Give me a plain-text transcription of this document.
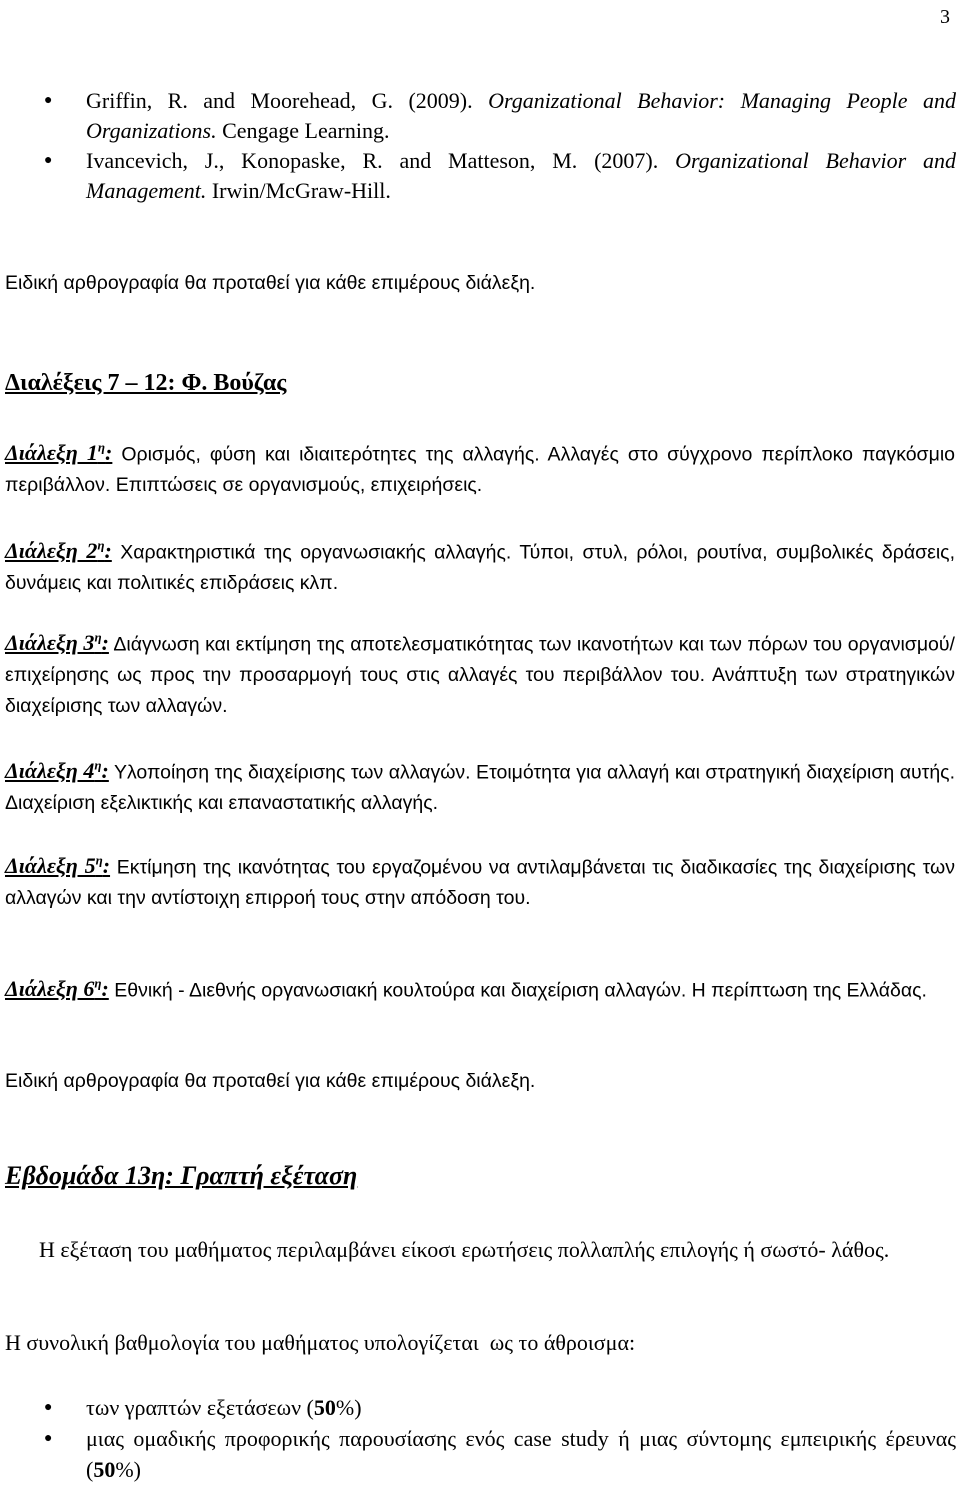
3
● Griffin, R. and Moorehead, G. (2009). Organizational Behavior: Managing People and Organizations. Cengage Learning.
● Ivancevich, J., Konopaske, R. and Matteson, M. (2007). Organizational Behavior and Management. Irwin/McGraw-Hill.

Ειδική αρθρογραφία θα προταθεί για κάθε επιμέρους διάλεξη.

Διαλέξεις 7 – 12: Φ. Βούζας

Διάλεξη $1^\eta$: Ορισμός, φύση και ιδιαιτερότητες της αλλαγής. Αλλαγές στο σύγχρονο περίπλοκο παγκόσμιο περιβάλλον. Επιπτώσεις σε οργανισμούς, επιχειρήσεις.

Διάλεξη $2^\eta$: Χαρακτηριστικά της οργανωσιακής αλλαγής. Τύποι, στυλ, ρόλοι, ρουτίνα, συμβολικές δράσεις, δυνάμεις και πολιτικές επιδράσεις κλπ.

Διάλεξη $3^\eta$: Διάγνωση και εκτίμηση της αποτελεσματικότητας των ικανοτήτων και των πόρων του οργανισμού/επιχείρησης ως προς την προσαρμογή τους στις αλλαγές του περιβάλλον του. Ανάπτυξη των στρατηγικών διαχείρισης των αλλαγών.

Διάλεξη $4^\eta$: Υλοποίηση της διαχείρισης των αλλαγών. Ετοιμότητα για αλλαγή και στρατηγική διαχείριση αυτής. Διαχείριση εξελικτικής και επαναστατικής αλλαγής.

Διάλεξη $5^\eta$: Εκτίμηση της ικανότητας του εργαζομένου να αντιλαμβάνεται τις διαδικασίες της διαχείρισης των αλλαγών και την αντίστοιχη επιρροή τους στην απόδοση του.

Διάλεξη $6^\eta$: Εθνική - Διεθνής οργανωσιακή κουλτούρα και διαχείριση αλλαγών. Η περίπτωση της Ελλάδας.

Ειδική αρθρογραφία θα προταθεί για κάθε επιμέρους διάλεξη.

Εβδομάδα 13η: Γραπτή εξέταση

Η εξέταση του μαθήματος περιλαμβάνει είκοσι ερωτήσεις πολλαπλής επιλογής ή σωστό- λάθος.

Η συνολική βαθμολογία του μαθήματος υπολογίζεται  ως το άθροισμα:

● των γραπτών εξετάσεων (50%)
● μιας ομαδικής προφορικής παρουσίασης ενός case study ή μιας σύντομης εμπειρικής έρευνας (50%)
